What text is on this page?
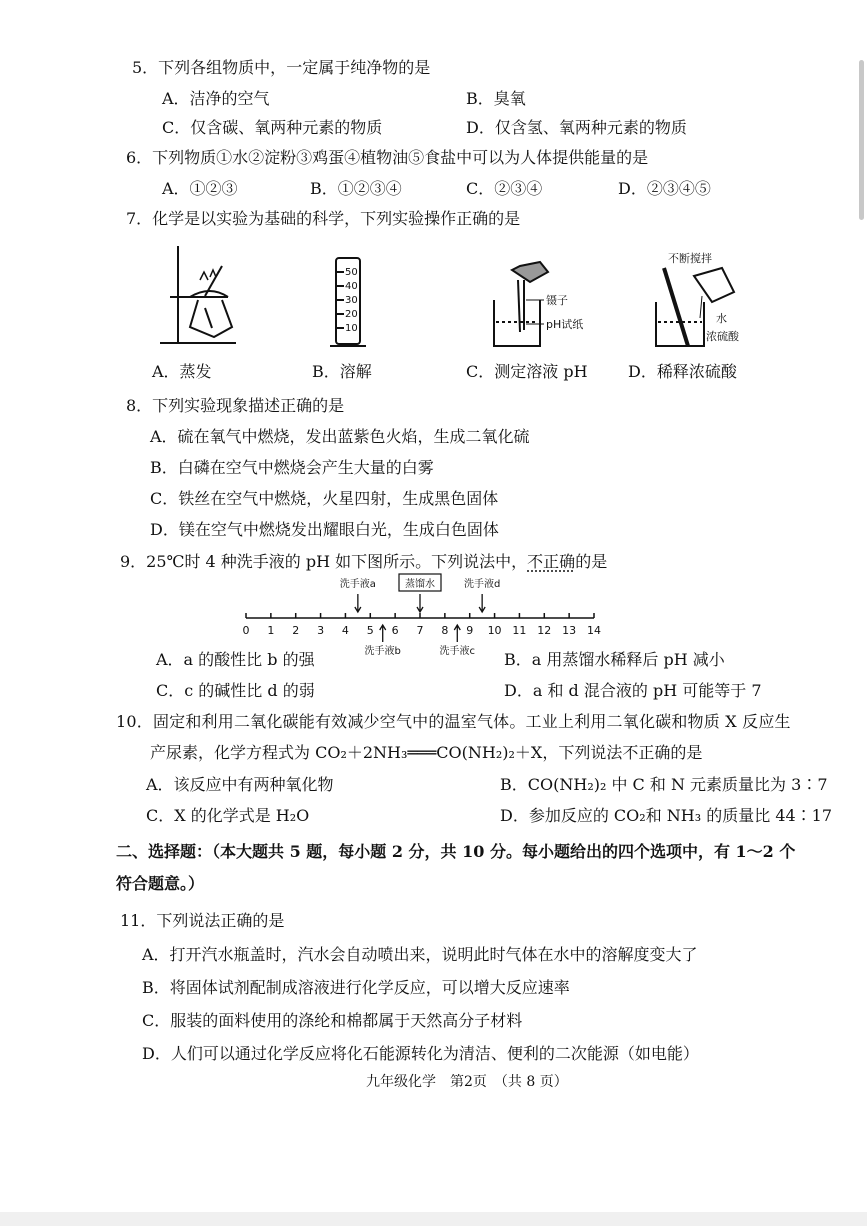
5．下列各组物质中，一定属于纯净物的是
A．洁净的空气	B．臭氧
C．仅含碳、氧两种元素的物质	D．仅含氢、氧两种元素的物质
6．下列物质①水②淀粉③鸡蛋④植物油⑤食盐中可以为人体提供能量的是
A．①②③	B．①②③④	C．②③④	D．②③④⑤
7．化学是以实验为基础的科学，下列实验操作正确的是
50
40
30
20
10
镊子
pH试纸
不断搅拌
水
浓硫酸
A．蒸发	B．溶解	C．测定溶液 pH	D．稀释浓硫酸
8．下列实验现象描述正确的是
A．硫在氧气中燃烧，发出蓝紫色火焰，生成二氧化硫
B．白磷在空气中燃烧会产生大量的白雾
C．铁丝在空气中燃烧，火星四射，生成黑色固体
D．镁在空气中燃烧发出耀眼白光，生成白色固体
9．25℃时 4 种洗手液的 pH 如下图所示。下列说法中，不正确的是
0 1 2 3 4 5 6 7 8 9 10 11 12 13 14
洗手液a	蒸馏水	洗手液d
洗手液b	洗手液c
A．a 的酸性比 b 的强	B．a 用蒸馏水稀释后 pH 减小
C．c 的碱性比 d 的弱	D．a 和 d 混合液的 pH 可能等于 7
10．固定和利用二氧化碳能有效减少空气中的温室气体。工业上利用二氧化碳和物质 X 反应生
产尿素，化学方程式为 CO₂＋2NH₃═══CO(NH₂)₂＋X，下列说法不正确的是
A．该反应中有两种氧化物	B．CO(NH₂)₂ 中 C 和 N 元素质量比为 3∶7
C．X 的化学式是 H₂O	D．参加反应的 CO₂和 NH₃ 的质量比 44∶17
二、选择题：（本大题共 5 题，每小题 2 分，共 10 分。每小题给出的四个选项中，有 1～2 个
符合题意。）
11．下列说法正确的是
A．打开汽水瓶盖时，汽水会自动喷出来，说明此时气体在水中的溶解度变大了
B．将固体试剂配制成溶液进行化学反应，可以增大反应速率
C．服装的面料使用的涤纶和棉都属于天然高分子材料
D．人们可以通过化学反应将化石能源转化为清洁、便利的二次能源（如电能）
九年级化学　第2页　（共 8 页）
